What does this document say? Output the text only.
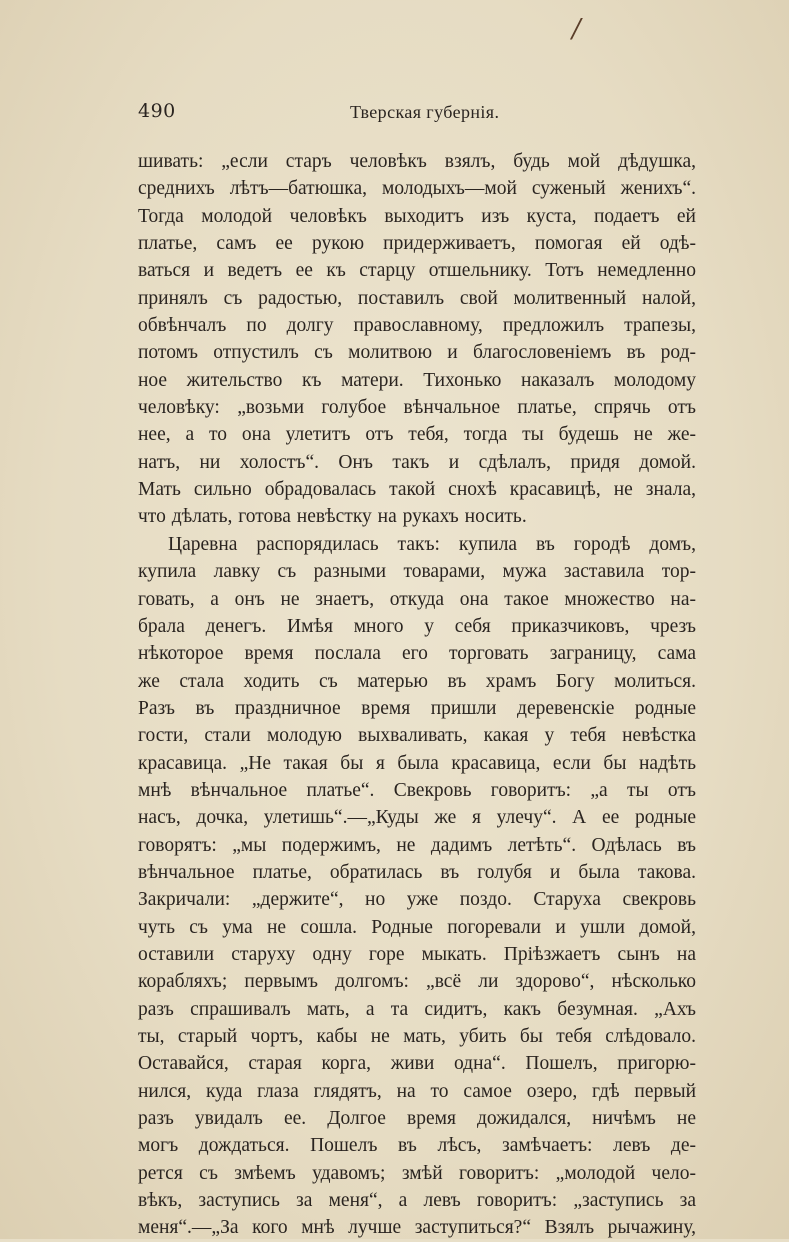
/
490	Тверская губернія.
шивать: „если старъ человѣкъ взялъ, будь мой дѣдушка,
среднихъ лѣтъ—батюшка, молодыхъ—мой суженый женихъ“.
Тогда молодой человѣкъ выходитъ изъ куста, подаетъ ей
платье, самъ ее рукою придерживаетъ, помогая ей одѣ-
ваться и ведетъ ее къ старцу отшельнику. Тотъ немедленно
принялъ съ радостью, поставилъ свой молитвенный налой,
обвѣнчалъ по долгу православному, предложилъ трапезы,
потомъ отпустилъ съ молитвою и благословеніемъ въ род-
ное жительство къ матери. Тихонько наказалъ молодому
человѣку: „возьми голубое вѣнчальное платье, спрячь отъ
нее, а то она улетитъ отъ тебя, тогда ты будешь не же-
натъ, ни холостъ“. Онъ такъ и сдѣлалъ, придя домой.
Мать сильно обрадовалась такой снохѣ красавицѣ, не знала,
что дѣлать, готова невѣстку на рукахъ носить.
Царевна распорядилась такъ: купила въ городѣ домъ,
купила лавку съ разными товарами, мужа заставила тор-
говать, а онъ не знаетъ, откуда она такое множество на-
брала денегъ. Имѣя много у себя приказчиковъ, чрезъ
нѣкоторое время послала его торговать заграницу, сама
же стала ходить съ матерью въ храмъ Богу молиться.
Разъ въ праздничное время пришли деревенскіе родные
гости, стали молодую выхваливать, какая у тебя невѣстка
красавица. „Не такая бы я была красавица, если бы надѣть
мнѣ вѣнчальное платье“. Свекровь говоритъ: „а ты отъ
насъ, дочка, улетишь“.—„Куды же я улечу“. А ее родные
говорятъ: „мы подержимъ, не дадимъ летѣть“. Одѣлась въ
вѣнчальное платье, обратилась въ голубя и была такова.
Закричали: „держите“, но уже поздо. Старуха свекровь
чуть съ ума не сошла. Родные погоревали и ушли домой,
оставили старуху одну горе мыкать. Пріѣзжаетъ сынъ на
корабляхъ; первымъ долгомъ: „всё ли здорово“, нѣсколько
разъ спрашивалъ мать, а та сидитъ, какъ безумная. „Ахъ
ты, старый чортъ, кабы не мать, убить бы тебя слѣдовало.
Оставайся, старая корга, живи одна“. Пошелъ, пригорю-
нился, куда глаза глядятъ, на то самое озеро, гдѣ первый
разъ увидалъ ее. Долгое время дожидался, ничѣмъ не
могъ дождаться. Пошелъ въ лѣсъ, замѣчаетъ: левъ де-
рется съ змѣемъ удавомъ; змѣй говоритъ: „молодой чело-
вѣкъ, заступись за меня“, а левъ говоритъ: „заступись за
меня“.—„За кого мнѣ лучше заступиться?“ Взялъ рычажину,
